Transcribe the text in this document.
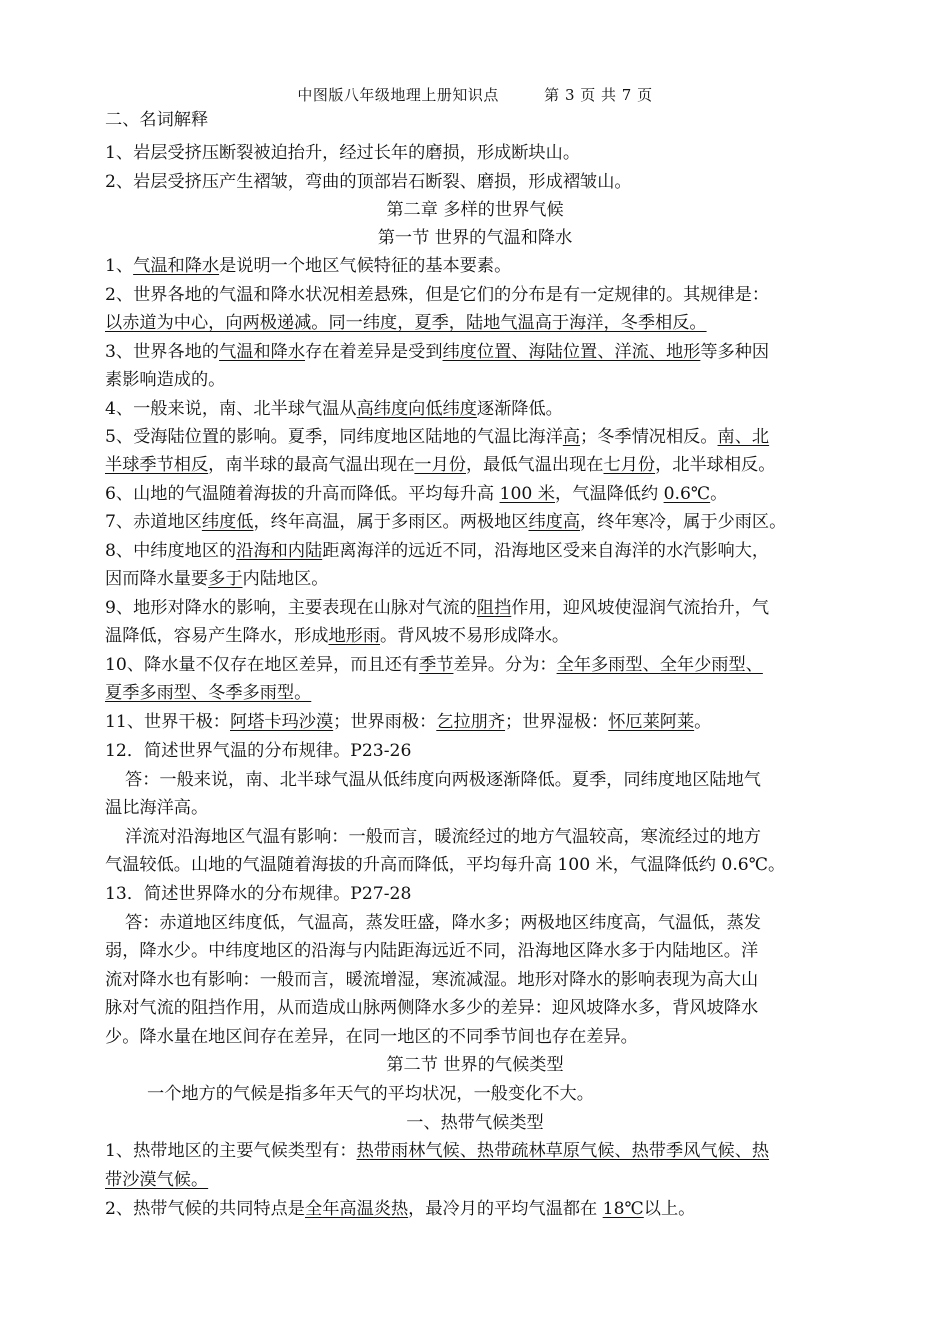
中图版八年级地理上册知识点	第 3 页 共 7 页
二、名词解释
1、岩层受挤压断裂被迫抬升，经过长年的磨损，形成断块山。
2、岩层受挤压产生褶皱，弯曲的顶部岩石断裂、磨损，形成褶皱山。
第二章 多样的世界气候
第一节 世界的气温和降水
1、气温和降水是说明一个地区气候特征的基本要素。
2、世界各地的气温和降水状况相差悬殊，但是它们的分布是有一定规律的。其规律是：
以赤道为中心，向两极递减。同一纬度，夏季，陆地气温高于海洋，冬季相反。
3、世界各地的气温和降水存在着差异是受到纬度位置、海陆位置、洋流、地形等多种因
素影响造成的。
4、一般来说，南、北半球气温从高纬度向低纬度逐渐降低。
5、受海陆位置的影响。夏季，同纬度地区陆地的气温比海洋高；冬季情况相反。南、北
半球季节相反，南半球的最高气温出现在一月份，最低气温出现在七月份，北半球相反。
6、山地的气温随着海拔的升高而降低。平均每升高 100 米，气温降低约 0.6℃。
7、赤道地区纬度低，终年高温，属于多雨区。两极地区纬度高，终年寒冷，属于少雨区。
8、中纬度地区的沿海和内陆距离海洋的远近不同，沿海地区受来自海洋的水汽影响大，
因而降水量要多于内陆地区。
9、地形对降水的影响，主要表现在山脉对气流的阻挡作用，迎风坡使湿润气流抬升，气
温降低，容易产生降水，形成地形雨。背风坡不易形成降水。
10、降水量不仅存在地区差异，而且还有季节差异。分为：全年多雨型、全年少雨型、
夏季多雨型、冬季多雨型。
11、世界干极：阿塔卡玛沙漠；世界雨极：乞拉朋齐；世界湿极：怀厄莱阿莱。
12．简述世界气温的分布规律。P23-26
答：一般来说，南、北半球气温从低纬度向两极逐渐降低。夏季，同纬度地区陆地气
温比海洋高。
洋流对沿海地区气温有影响：一般而言，暖流经过的地方气温较高，寒流经过的地方
气温较低。山地的气温随着海拔的升高而降低，平均每升高 100 米，气温降低约 0.6℃。
13．简述世界降水的分布规律。P27-28
答：赤道地区纬度低，气温高，蒸发旺盛，降水多；两极地区纬度高，气温低，蒸发
弱，降水少。中纬度地区的沿海与内陆距海远近不同，沿海地区降水多于内陆地区。洋
流对降水也有影响：一般而言，暖流增湿，寒流减湿。地形对降水的影响表现为高大山
脉对气流的阻挡作用，从而造成山脉两侧降水多少的差异：迎风坡降水多，背风坡降水
少。降水量在地区间存在差异，在同一地区的不同季节间也存在差异。
第二节 世界的气候类型
一个地方的气候是指多年天气的平均状况，一般变化不大。
一、热带气候类型
1、热带地区的主要气候类型有：热带雨林气候、热带疏林草原气候、热带季风气候、热
带沙漠气候。
2、热带气候的共同特点是全年高温炎热，最冷月的平均气温都在 18℃以上。
